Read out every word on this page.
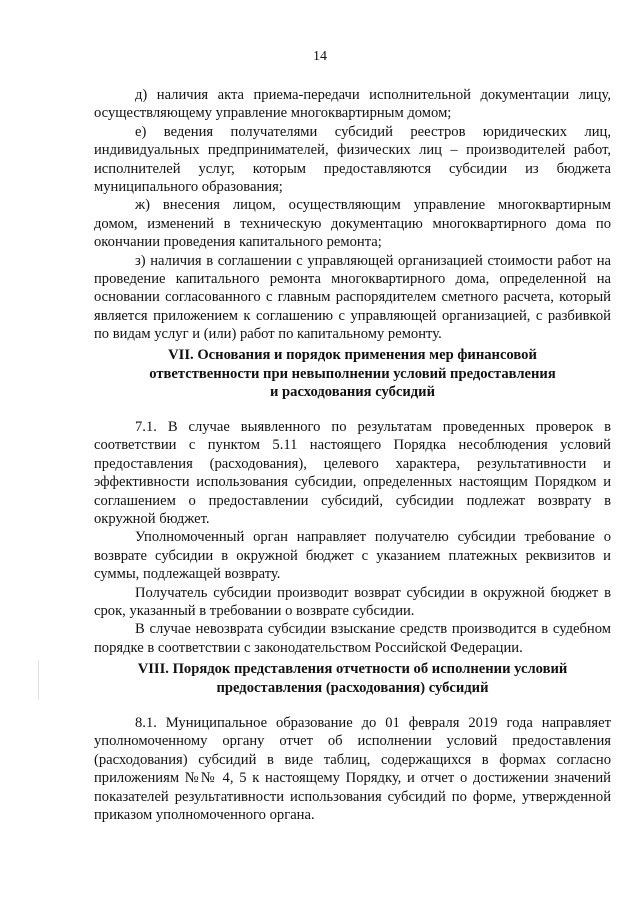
14

д) наличия акта приема-передачи исполнительной документации лицу, осуществляющему управление многоквартирным домом;

е) ведения получателями субсидий реестров юридических лиц, индивидуальных предпринимателей, физических лиц – производителей работ, исполнителей услуг, которым предоставляются субсидии из бюджета муниципального образования;

ж) внесения лицом, осуществляющим управление многоквартирным домом, изменений в техническую документацию многоквартирного дома по окончании проведения капитального ремонта;

з) наличия в соглашении с управляющей организацией стоимости работ на проведение капитального ремонта многоквартирного дома, определенной на основании согласованного с главным распорядителем сметного расчета, который является приложением к соглашению с управляющей организацией, с разбивкой по видам услуг и (или) работ по капитальному ремонту.

VII. Основания и порядок применения мер финансовой
ответственности при невыполнении условий предоставления
и расходования субсидий

7.1. В случае выявленного по результатам проведенных проверок в соответствии с пунктом 5.11 настоящего Порядка несоблюдения условий предоставления (расходования), целевого характера, результативности и эффективности использования субсидии, определенных настоящим Порядком и соглашением о предоставлении субсидий, субсидии подлежат возврату в окружной бюджет.

Уполномоченный орган направляет получателю субсидии требование о возврате субсидии в окружной бюджет с указанием платежных реквизитов и суммы, подлежащей возврату.

Получатель субсидии производит возврат субсидии в окружной бюджет в срок, указанный в требовании о возврате субсидии.

В случае невозврата субсидии взыскание средств производится в судебном порядке в соответствии с законодательством Российской Федерации.

VIII. Порядок представления отчетности об исполнении условий
предоставления (расходования) субсидий

8.1. Муниципальное образование до 01 февраля 2019 года направляет уполномоченному органу отчет об исполнении условий предоставления (расходования) субсидий в виде таблиц, содержащихся в формах согласно приложениям №№ 4, 5 к настоящему Порядку, и отчет о достижении значений показателей результативности использования субсидий по форме, утвержденной приказом уполномоченного органа.
